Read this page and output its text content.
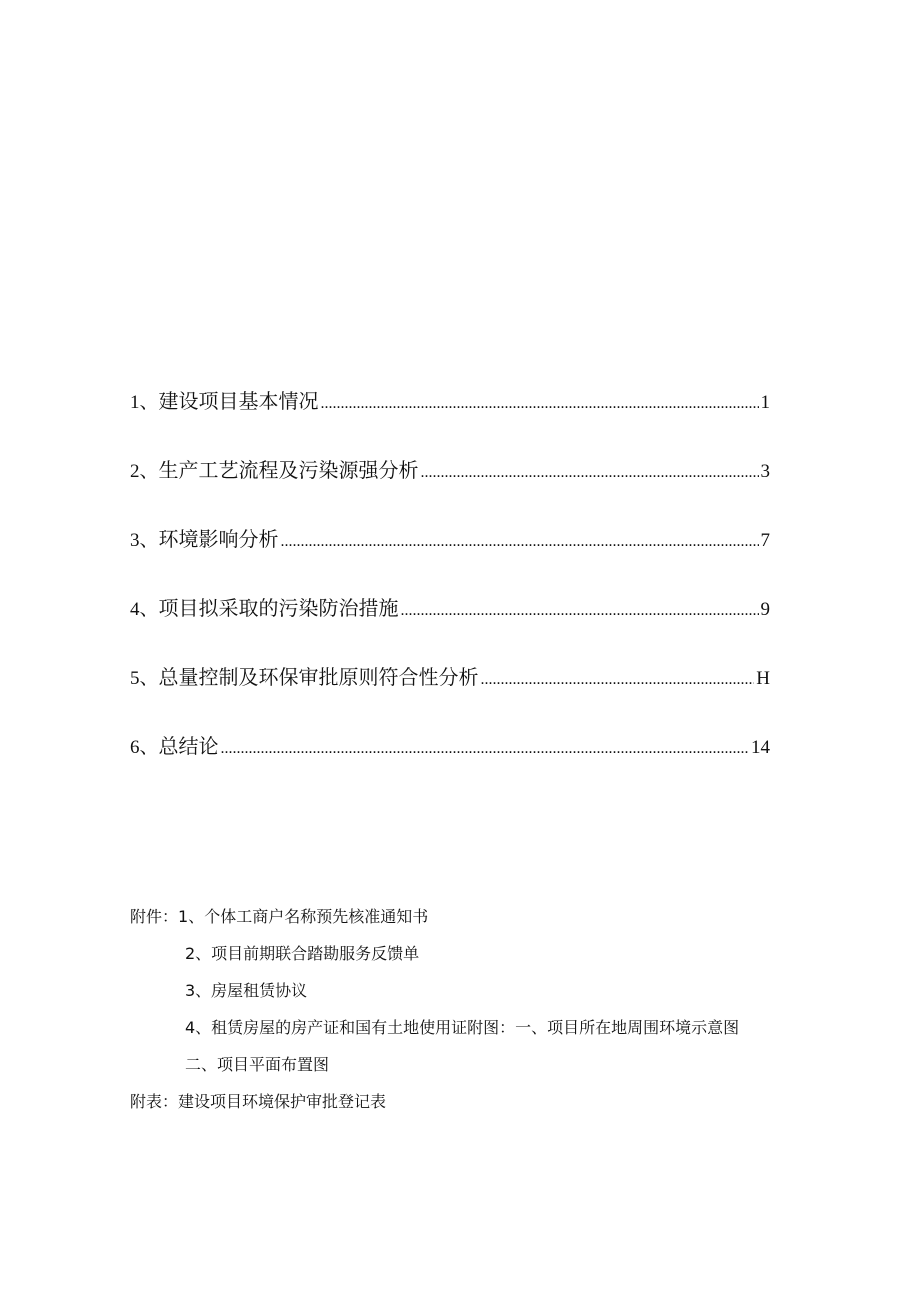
1、 建设项目基本情况 .....	1
2、 生产工艺流程及污染源强分析 .....	3
3、 环境影响分析 .....	7
4、 项目拟采取的污染防治措施 .....	9
5、 总量控制及环保审批原则符合性分析 .....	H
6、 总结论 .....	14
附件：1、个体工商户名称预先核准通知书
2、项目前期联合踏勘服务反馈单
3、房屋租赁协议
4、租赁房屋的房产证和国有土地使用证附图：一、项目所在地周围环境示意图
二、项目平面布置图
附表：建设项目环境保护审批登记表
